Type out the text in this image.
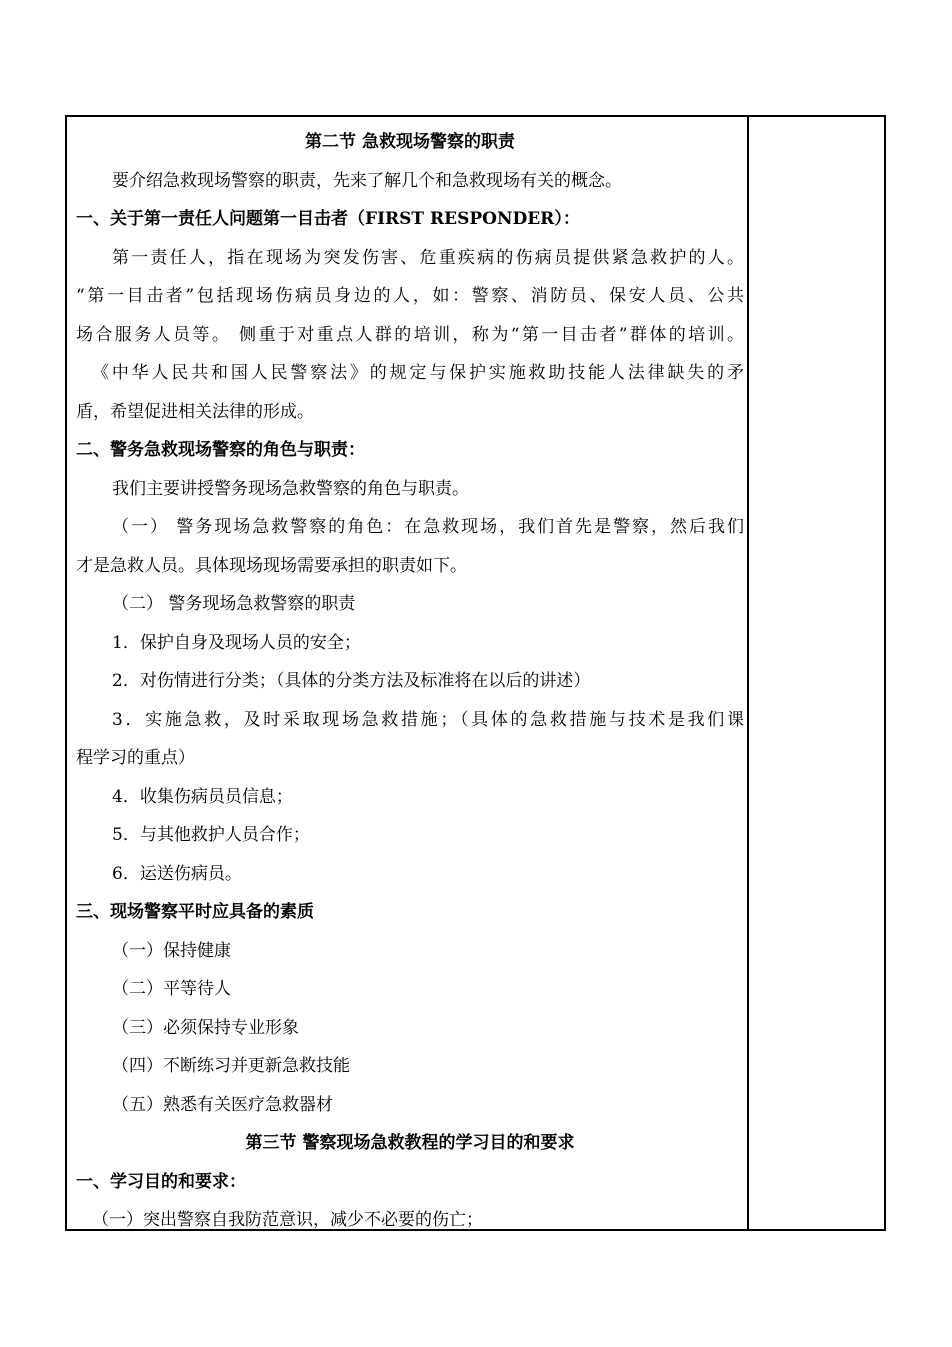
第二节 急救现场警察的职责
要介绍急救现场警察的职责，先来了解几个和急救现场有关的概念。
一、关于第一责任人问题第一目击者（FIRST RESPONDER）：
第一责任人，指在现场为突发伤害、危重疾病的伤病员提供紧急救护的人。
“第一目击者”包括现场伤病员身边的人，如：警察、消防员、保安人员、公共
场合服务人员等。 侧重于对重点人群的培训，称为“第一目击者”群体的培训。
《中华人民共和国人民警察法》的规定与保护实施救助技能人法律缺失的矛
盾，希望促进相关法律的形成。
二、警务急救现场警察的角色与职责：
我们主要讲授警务现场急救警察的角色与职责。
（一） 警务现场急救警察的角色：在急救现场，我们首先是警察，然后我们
才是急救人员。具体现场现场需要承担的职责如下。
（二） 警务现场急救警察的职责
1．保护自身及现场人员的安全；
2．对伤情进行分类；（具体的分类方法及标准将在以后的讲述）
3．实施急救，及时采取现场急救措施；（具体的急救措施与技术是我们课
程学习的重点）
4．收集伤病员员信息；
5．与其他救护人员合作；
6．运送伤病员。
三、现场警察平时应具备的素质
（一）保持健康
（二）平等待人
（三）必须保持专业形象
（四）不断练习并更新急救技能
（五）熟悉有关医疗急救器材
第三节 警察现场急救教程的学习目的和要求
一、学习目的和要求：
（一）突出警察自我防范意识，减少不必要的伤亡；
